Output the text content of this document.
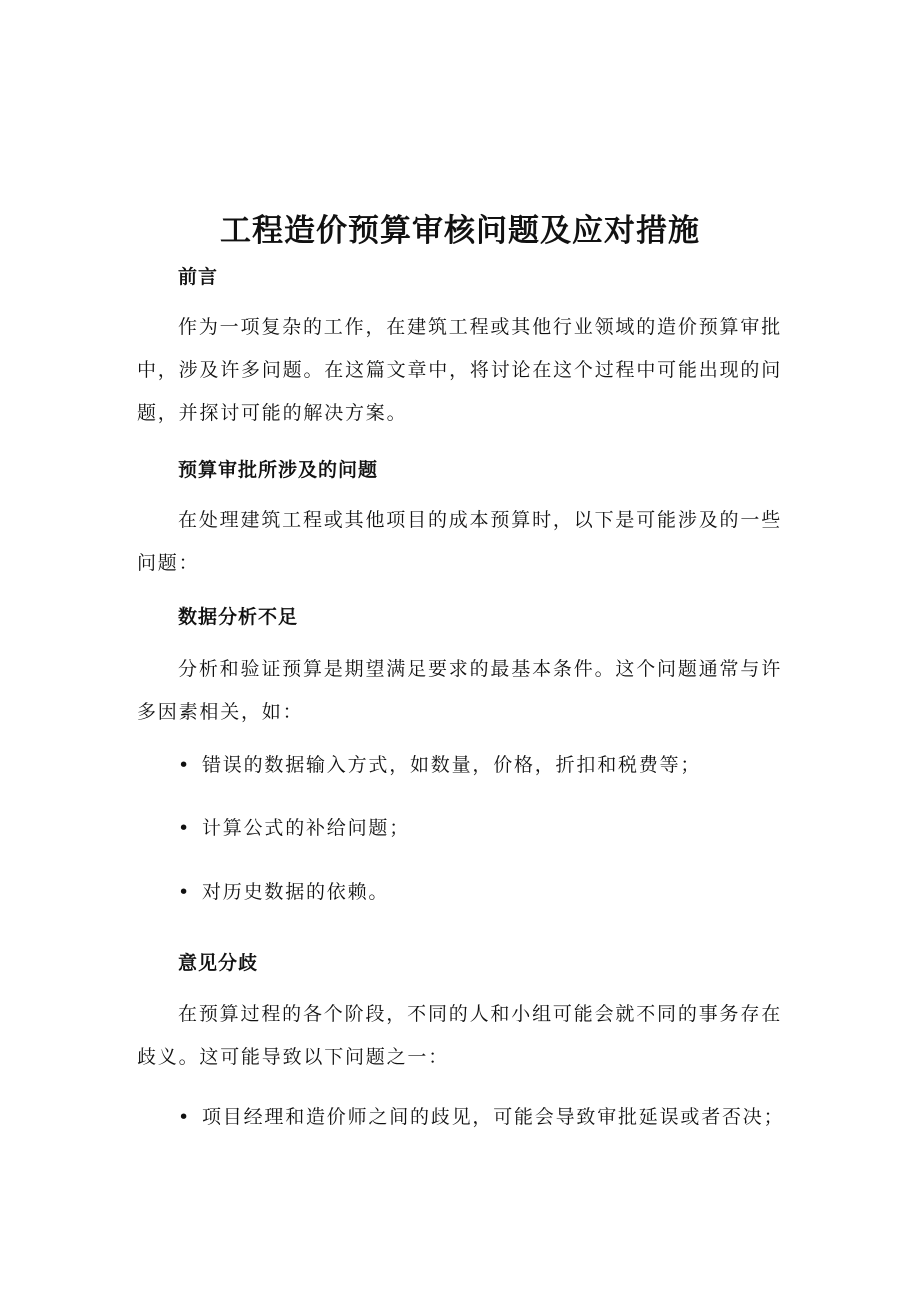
工程造价预算审核问题及应对措施
前言

作为一项复杂的工作，在建筑工程或其他行业领域的造价预算审批中，涉及许多问题。在这篇文章中，将讨论在这个过程中可能出现的问题，并探讨可能的解决方案。

预算审批所涉及的问题

在处理建筑工程或其他项目的成本预算时，以下是可能涉及的一些问题：

数据分析不足

分析和验证预算是期望满足要求的最基本条件。这个问题通常与许多因素相关，如：

• 错误的数据输入方式，如数量，价格，折扣和税费等；
• 计算公式的补给问题；
• 对历史数据的依赖。
意见分歧

在预算过程的各个阶段，不同的人和小组可能会就不同的事务存在歧义。这可能导致以下问题之一：

• 项目经理和造价师之间的歧见，可能会导致审批延误或者否决；
